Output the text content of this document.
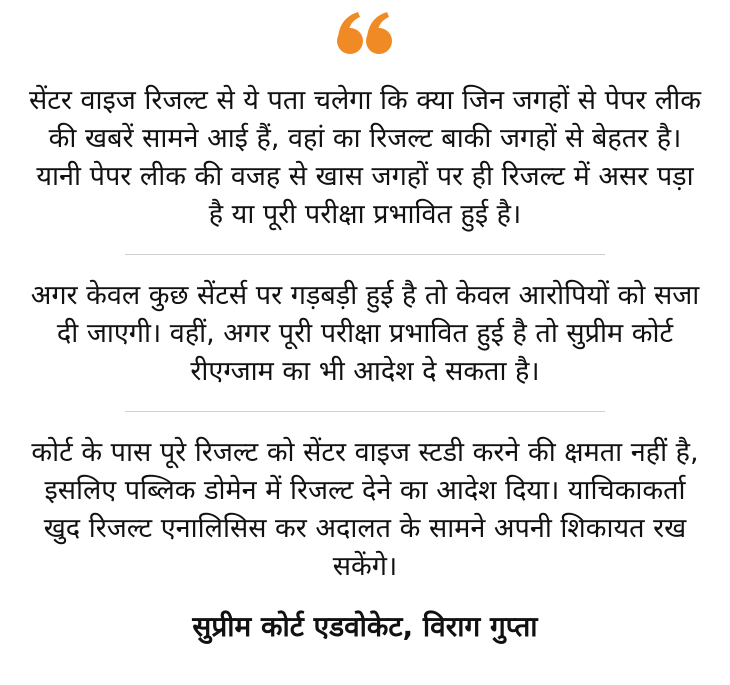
सेंटर वाइज रिजल्ट से ये पता चलेगा कि क्या जिन जगहों से पेपर लीक की खबरें सामने आई हैं, वहां का रिजल्ट बाकी जगहों से बेहतर है। यानी पेपर लीक की वजह से खास जगहों पर ही रिजल्ट में असर पड़ा है या पूरी परीक्षा प्रभावित हुई है।

अगर केवल कुछ सेंटर्स पर गड़बड़ी हुई है तो केवल आरोपियों को सजा दी जाएगी। वहीं, अगर पूरी परीक्षा प्रभावित हुई है तो सुप्रीम कोर्ट रीएग्जाम का भी आदेश दे सकता है।

कोर्ट के पास पूरे रिजल्ट को सेंटर वाइज स्टडी करने की क्षमता नहीं है, इसलिए पब्लिक डोमेन में रिजल्ट देने का आदेश दिया। याचिकाकर्ता खुद रिजल्ट एनालिसिस कर अदालत के सामने अपनी शिकायत रख सकेंगे।

सुप्रीम कोर्ट एडवोकेट, विराग गुप्ता
